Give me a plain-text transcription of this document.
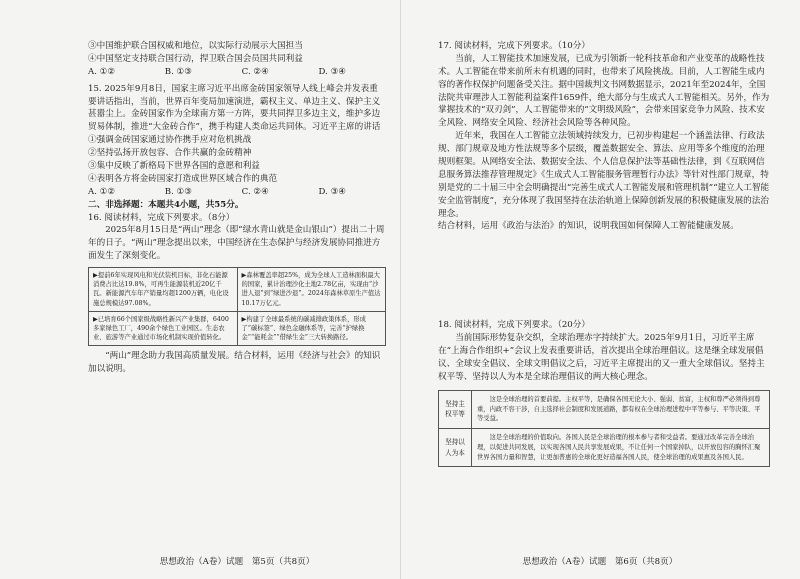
③中国维护联合国权威和地位，以实际行动展示大国担当

④中国坚定支持联合国行动，捍卫联合国会员国共同利益

A. ①②	B. ①③	C. ②④	D. ③④

15. 2025年9月8日，国家主席习近平出席金砖国家领导人线上峰会并发表重要讲话指出，当前，世界百年变局加速演进，霸权主义、单边主义、保护主义甚嚣尘上。金砖国家作为全球南方第一方阵，要共同捍卫多边主义，维护多边贸易体制，推进“大金砖合作”，携手构建人类命运共同体。习近平主席的讲话

①强调金砖国家通过协作携手应对危机挑战

②坚持弘扬开放包容、合作共赢的金砖精神

③集中反映了新格局下世界各国的意愿和利益

④表明各方将金砖国家打造成世界区域合作的典范

A. ①②	B. ①③	C. ②④	D. ③④

二、非选择题：本题共4小题，共55分。

16. 阅读材料，完成下列要求。（8分）

2025年8月15日是“两山”理念（即“绿水青山就是金山银山”）提出二十周年的日子。“两山”理念提出以来，中国经济在生态保护与经济发展协同推进方面发生了深刻变化。

▶提前6年实现风电和光伏装机目标，非化石能源消费占比达19.8%，可再生能源装机近20亿千瓦。新能源汽车年产销量均超1200万辆，电化设施总规模达97.08%。	▶森林覆盖率超25%，成为全球人工造林面积最大的国家，累计治理沙化土地2.78亿亩，实现由“沙进人退”到“绿进沙退”。2024年森林草原生产值达10.17万亿元。
▶已培育66个国家级战略性新兴产业集群，6400多家绿色工厂，490余个绿色工业园区。生态农业、旅游等产业通过市场化机制实现价值转化。	▶构建了全球最系统的碳减排政策体系，形成了“碳标签”、绿色金融体系等，完善“护绿换金”“能耗金”“借绿生金”三大转换路径。

“两山”理念助力我国高质量发展。结合材料，运用《经济与社会》的知识加以说明。

思想政治（A卷）试题　第5页（共8页）

17. 阅读材料，完成下列要求。（10分）

当前，人工智能技术加速发展，已成为引领新一轮科技革命和产业变革的战略性技术。人工智能在带来前所未有机遇的同时，也带来了风险挑战。目前，人工智能生成内容的著作权保护问题备受关注。据中国裁判文书网数据显示，2021年至2024年，全国法院共审理涉人工智能利益案件1659件，绝大部分与生成式人工智能相关。另外，作为掌握技术的“双刃剑”，人工智能带来的“文明级风险”，会带来国家竞争力风险、技术安全风险、网络安全风险、经济社会风险等各种风险。

近年来，我国在人工智能立法领域持续发力，已初步构建起一个涵盖法律、行政法规、部门规章及地方性法规等多个层级，覆盖数据安全、算法、应用等多个维度的治理规则框架。从网络安全法、数据安全法、个人信息保护法等基础性法律，到《互联网信息服务算法推荐管理规定》《生成式人工智能服务管理暂行办法》等针对性部门规章，特别是党的二十届三中全会明确提出“完善生成式人工智能发展和管理机制”“建立人工智能安全监管制度”，充分体现了我国坚持在法治轨道上保障创新发展的积极健康发展的法治理念。

结合材料，运用《政治与法治》的知识，说明我国如何保障人工智能健康发展。

18. 阅读材料，完成下列要求。（20分）

当前国际形势复杂交织，全球治理赤字持续扩大。2025年9月1日，习近平主席在“上海合作组织+”会议上发表重要讲话，首次提出全球治理倡议。这是继全球发展倡议、全球安全倡议、全球文明倡议之后，习近平主席提出的又一重大全球倡议。坚持主权平等、坚持以人为本是全球治理倡议的两大核心理念。

坚持主权平等	这是全球治理的首要前提。主权平等，是确保各国无论大小、强弱、贫富，主权和尊严必须得到尊重，内政不容干涉，自主选择社会制度和发展道路，都有权在全球治理进程中平等参与、平等决策、平等受益。
坚持以人为本	这是全球治理的价值取向。各国人民是全球治理的根本参与者和受益者。要通过改革完善全球治理，以促进共同发展，以实现各国人民共享发展成果，不让任何一个国家掉队，以开放包容的胸怀汇聚世界各国力量和智慧，让更加普惠的全球化更好造福各国人民，使全球治理的成果惠及各国人民。
思想政治（A卷）试题　第6页（共8页）
